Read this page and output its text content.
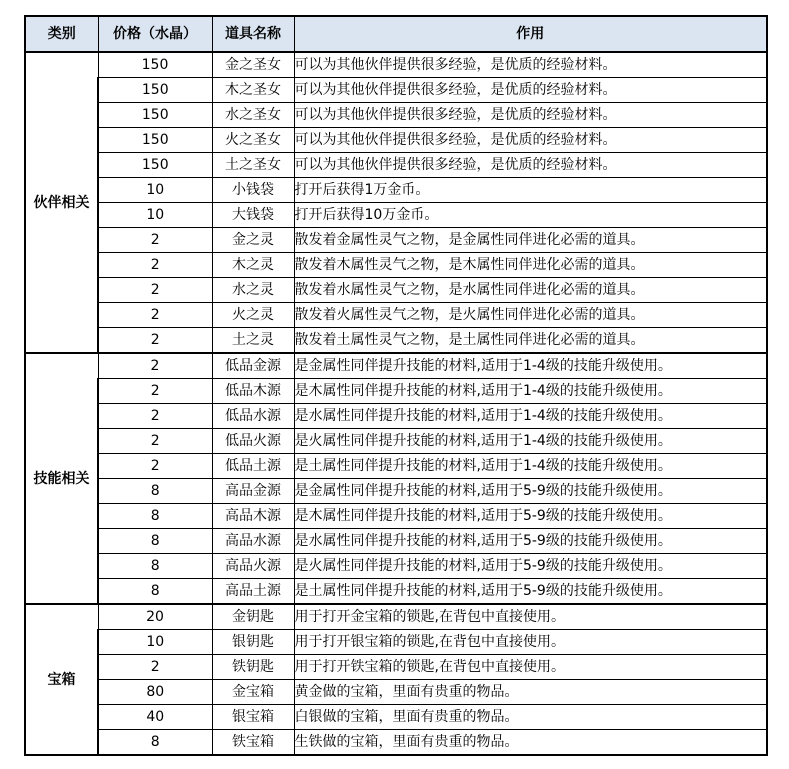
类别	价格（水晶）	道具名称	作用
伙伴相关	150	金之圣女	可以为其他伙伴提供很多经验，是优质的经验材料。
	150	木之圣女	可以为其他伙伴提供很多经验，是优质的经验材料。
	150	水之圣女	可以为其他伙伴提供很多经验，是优质的经验材料。
	150	火之圣女	可以为其他伙伴提供很多经验，是优质的经验材料。
	150	土之圣女	可以为其他伙伴提供很多经验，是优质的经验材料。
	10	小钱袋	打开后获得1万金币。
	10	大钱袋	打开后获得10万金币。
	2	金之灵	散发着金属性灵气之物，是金属性同伴进化必需的道具。
	2	木之灵	散发着木属性灵气之物，是木属性同伴进化必需的道具。
	2	水之灵	散发着水属性灵气之物，是水属性同伴进化必需的道具。
	2	火之灵	散发着火属性灵气之物，是火属性同伴进化必需的道具。
	2	土之灵	散发着土属性灵气之物，是土属性同伴进化必需的道具。
技能相关	2	低品金源	是金属性同伴提升技能的材料,适用于1-4级的技能升级使用。
	2	低品木源	是木属性同伴提升技能的材料,适用于1-4级的技能升级使用。
	2	低品水源	是水属性同伴提升技能的材料,适用于1-4级的技能升级使用。
	2	低品火源	是火属性同伴提升技能的材料,适用于1-4级的技能升级使用。
	2	低品土源	是土属性同伴提升技能的材料,适用于1-4级的技能升级使用。
	8	高品金源	是金属性同伴提升技能的材料,适用于5-9级的技能升级使用。
	8	高品木源	是木属性同伴提升技能的材料,适用于5-9级的技能升级使用。
	8	高品水源	是水属性同伴提升技能的材料,适用于5-9级的技能升级使用。
	8	高品火源	是火属性同伴提升技能的材料,适用于5-9级的技能升级使用。
	8	高品土源	是土属性同伴提升技能的材料,适用于5-9级的技能升级使用。
宝箱	20	金钥匙	用于打开金宝箱的锁匙,在背包中直接使用。
	10	银钥匙	用于打开银宝箱的锁匙,在背包中直接使用。
	2	铁钥匙	用于打开铁宝箱的锁匙,在背包中直接使用。
	80	金宝箱	黄金做的宝箱，里面有贵重的物品。
	40	银宝箱	白银做的宝箱，里面有贵重的物品。
	8	铁宝箱	生铁做的宝箱，里面有贵重的物品。
